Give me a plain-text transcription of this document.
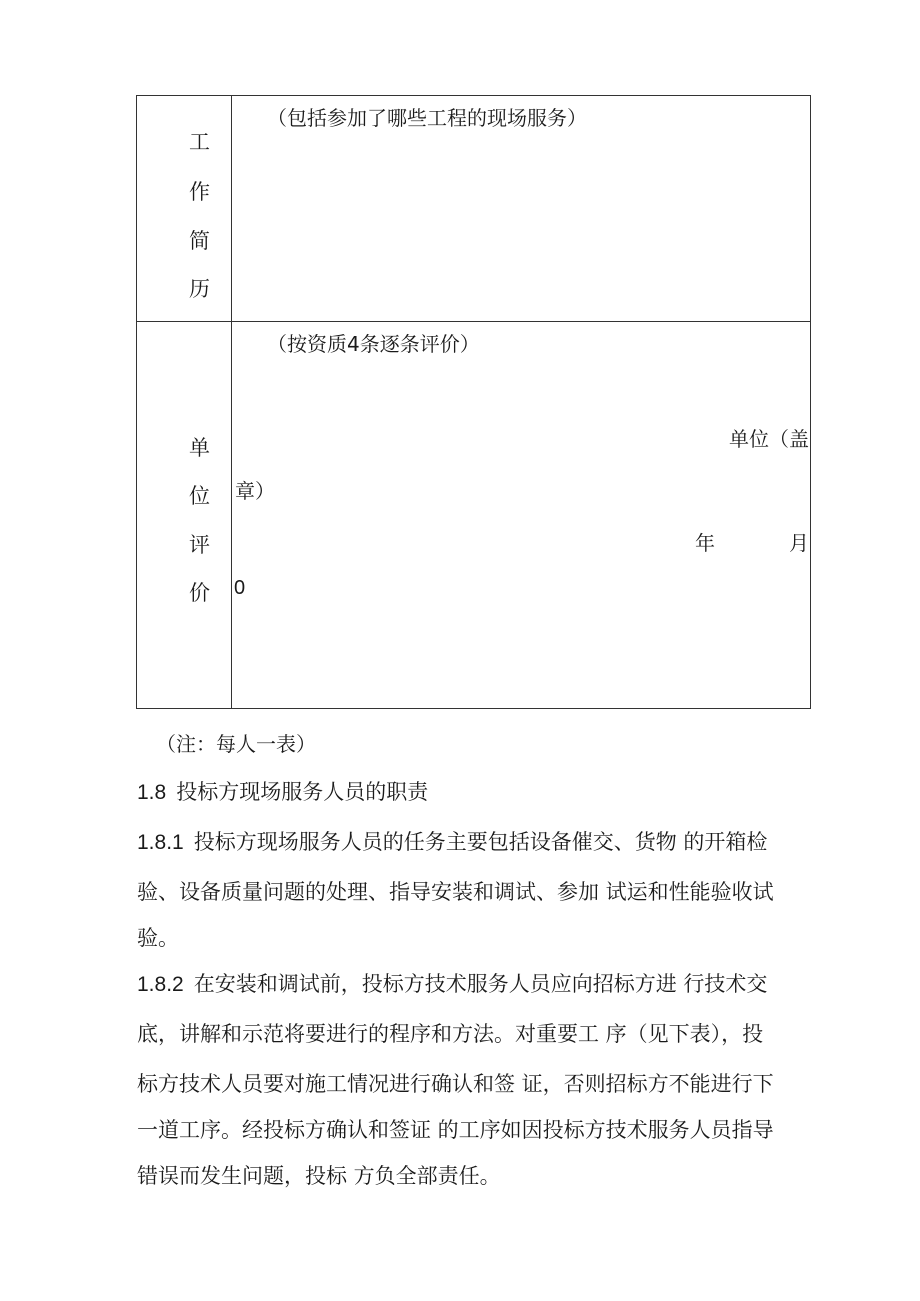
工
作
简
历
（包括参加了哪些工程的现场服务）
单
位
评
价
（按资质4条逐条评价）
单位（盖
章）
年	月
0
（注：每人一表）
1.8 投标方现场服务人员的职责
1.8.1 投标方现场服务人员的任务主要包括设备催交、货物 的开箱检
验、设备质量问题的处理、指导安装和调试、参加 试运和性能验收试
验。
1.8.2 在安装和调试前，投标方技术服务人员应向招标方进 行技术交
底，讲解和示范将要进行的程序和方法。对重要工 序（见下表），投
标方技术人员要对施工情况进行确认和签 证，否则招标方不能进行下
一道工序。经投标方确认和签证 的工序如因投标方技术服务人员指导
错误而发生问题，投标 方负全部责任。
